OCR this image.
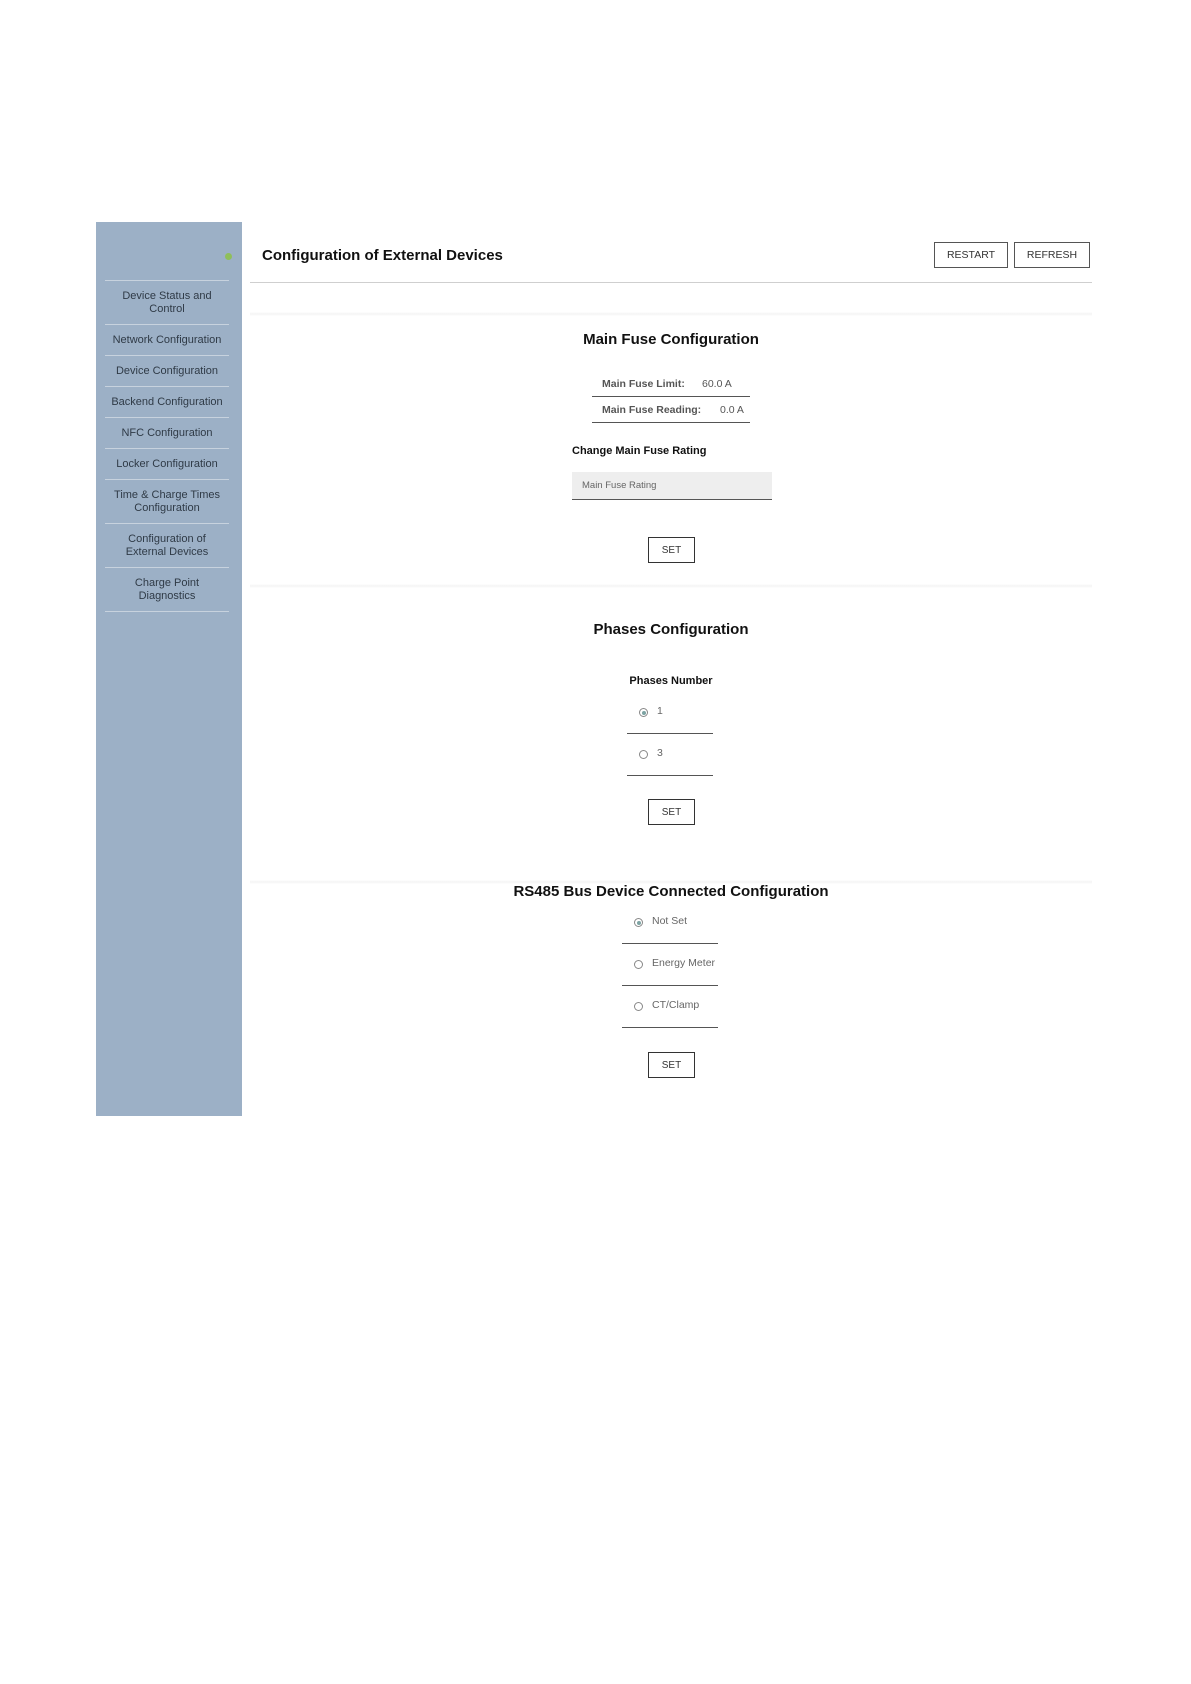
Device Status and Control
Network Configuration
Device Configuration
Backend Configuration
NFC Configuration
Locker Configuration
Time & Charge Times Configuration
Configuration of External Devices
Charge Point Diagnostics
Configuration of External Devices	RESTART	REFRESH
Main Fuse Configuration
Main Fuse Limit: 60.0 A
Main Fuse Reading: 0.0 A
Change Main Fuse Rating
Main Fuse Rating
SET
Phases Configuration
Phases Number
1
3
SET
RS485 Bus Device Connected Configuration
Not Set
Energy Meter
CT/Clamp
SET
